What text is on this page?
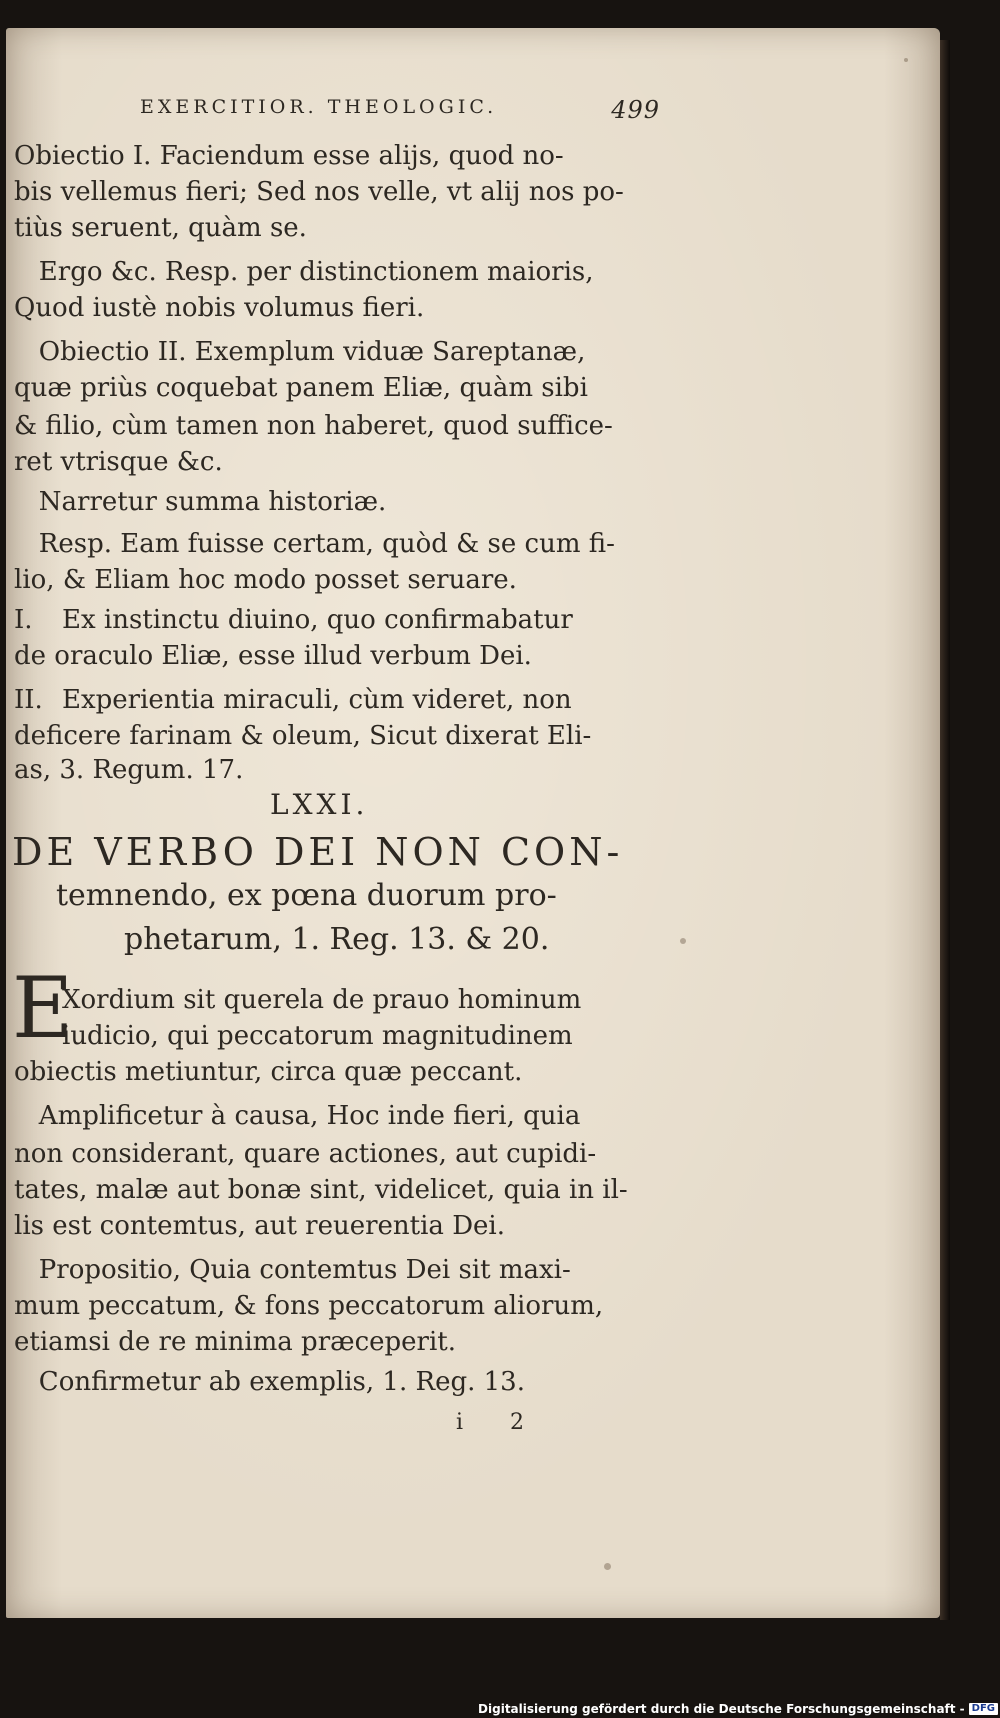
EXERCITIOR. THEOLOGIC.	499
Obiectio I. Faciendum esse alijs, quod no-
bis vellemus fieri; Sed nos velle, vt alij nos po-
tiùs seruent, quàm se.
Ergo &c. Resp. per distinctionem maioris,
Quod iustè nobis volumus fieri.
Obiectio II. Exemplum viduæ Sareptanæ,
quæ priùs coquebat panem Eliæ, quàm sibi
& filio, cùm tamen non haberet, quod suffice-
ret vtrisque &c.
Narretur summa historiæ.
Resp. Eam fuisse certam, quòd & se cum fi-
lio, & Eliam hoc modo posset seruare.
I. Ex instinctu diuino, quo confirmabatur
de oraculo Eliæ, esse illud verbum Dei.
II. Experientia miraculi, cùm videret, non
deficere farinam & oleum, Sicut dixerat Eli-
as, 3. Regum. 17.
LXXI.
DE VERBO DEI NON CON-
temnendo, ex pœna duorum pro-
phetarum, 1. Reg. 13. & 20.
E
Xordium sit querela de prauo hominum
iudicio, qui peccatorum magnitudinem
obiectis metiuntur, circa quæ peccant.
Amplificetur à causa, Hoc inde fieri, quia
non considerant, quare actiones, aut cupidi-
tates, malæ aut bonæ sint, videlicet, quia in il-
lis est contemtus, aut reuerentia Dei.
Propositio, Quia contemtus Dei sit maxi-
mum peccatum, & fons peccatorum aliorum,
etiamsi de re minima præceperit.
Confirmetur ab exemplis, 1. Reg. 13.
i 2
Digitalisierung gefördert durch die Deutsche Forschungsgemeinschaft - DFG
